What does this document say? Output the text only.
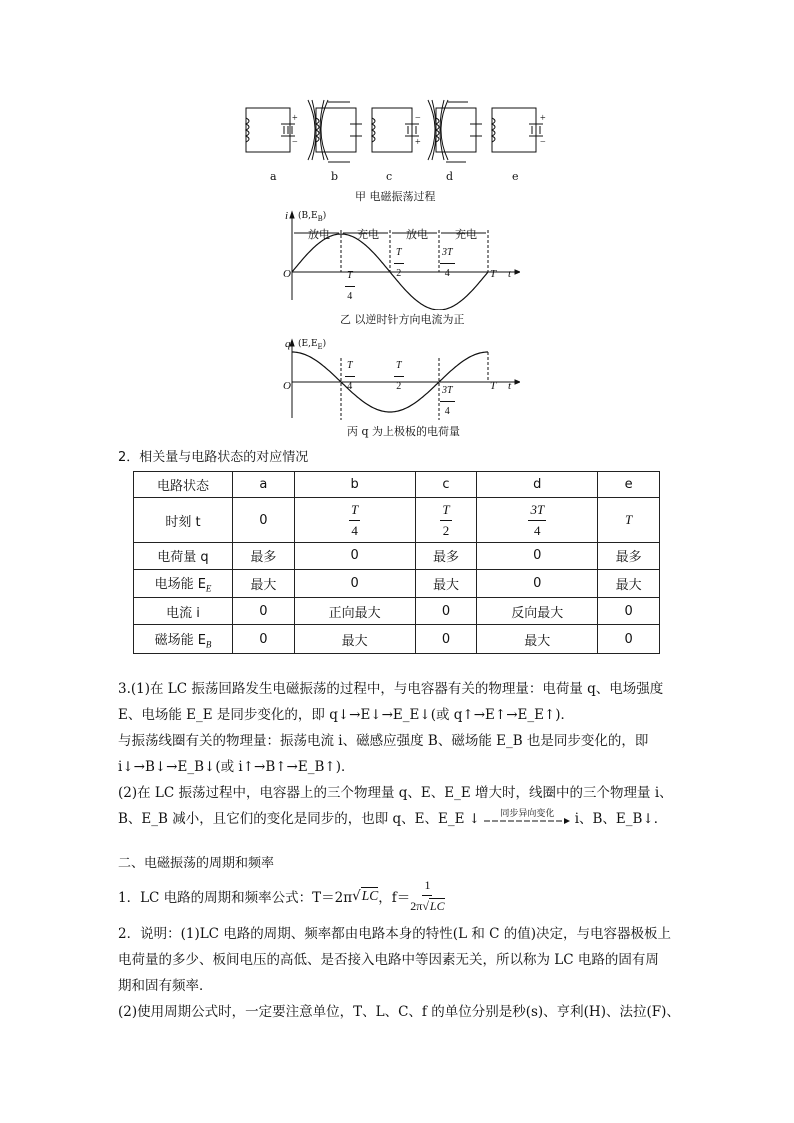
+
−
−
+
+
−
a	b	c	d	e
甲 电磁振荡过程
i $(B,E_B)$
放电 充电 放电 充电
O	$\frac{T}{4}$
$\frac{T}{2}$	$\frac{3T}{4}$	T t
乙 以逆时针方向电流为正
q $(E,E_E)$
O	$\frac{T}{4}$	$\frac{T}{2}$
$\frac{3T}{4}$	T t
丙 q 为上极板的电荷量
2．相关量与电路状态的对应情况
电路状态	a	b	c	d	e
时刻 t	0	$\frac{T}{4}$	$\frac{T}{2}$	$\frac{3T}{4}$	T
电荷量 q	最多	0	最多	0	最多
电场能 $E_E$	最大	0	最大	0	最大
电流 i	0	正向最大	0	反向最大	0
磁场能 $E_B$	0	最大	0	最大	0

3.(1)在 LC 振荡回路发生电磁振荡的过程中，与电容器有关的物理量：电荷量 q、电场强度

E、电场能 E_E 是同步变化的，即 q↓→E↓→E_E↓(或 q↑→E↑→E_E↑)．

与振荡线圈有关的物理量：振荡电流 i、磁感应强度 B、磁场能 E_B 也是同步变化的，即

i↓→B↓→E_B↓(或 i↑→B↑→E_B↑)．

(2)在 LC 振荡过程中，电容器上的三个物理量 q、E、E_E 增大时，线圈中的三个物理量 i、

B、E_B 减小，且它们的变化是同步的，也即 q、E、E_E ↓	同步异向变化	i、B、E_B↓．

二、电磁振荡的周期和频率
1．LC 电路的周期和频率公式：T＝2π √ LC ，$f= \frac{1}{2\pi√LC}$

2．说明：(1)LC 电路的周期、频率都由电路本身的特性(L 和 C 的值)决定，与电容器极板上

电荷量的多少、板间电压的高低、是否接入电路中等因素无关，所以称为 LC 电路的固有周

期和固有频率．

(2)使用周期公式时，一定要注意单位，T、L、C、f 的单位分别是秒(s)、亨利(H)、法拉(F)、
